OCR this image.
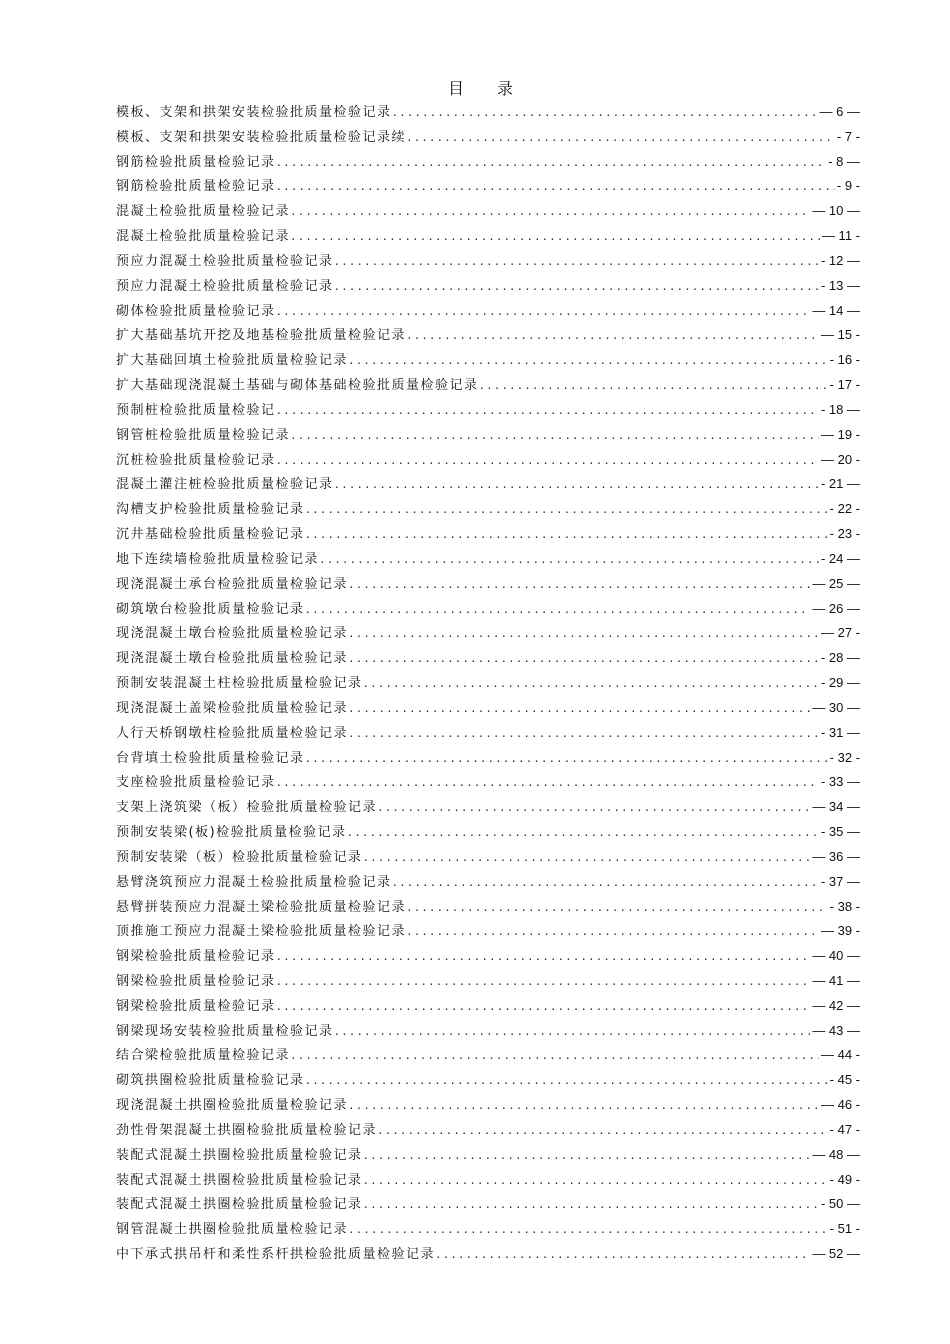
目 录
模板、支架和拱架安装检验批质量检验记录 .....	— 6 —
模板、支架和拱架安装检验批质量检验记录续 .....	- 7 -
钢筋检验批质量检验记录 .....	- 8 —
钢筋检验批质量检验记录 .....	- 9 -
混凝土检验批质量检验记录 .....	— 10 —
混凝土检验批质量检验记录 .....	— 11 -
预应力混凝土检验批质量检验记录 .....	- 12 —
预应力混凝土检验批质量检验记录 .....	- 13 —
砌体检验批质量检验记录 .....	— 14 —
扩大基础基坑开挖及地基检验批质量检验记录 .....	— 15 -
扩大基础回填土检验批质量检验记录 .....	- 16 -
扩大基础现浇混凝土基础与砌体基础检验批质量检验记录 .....	- 17 -
预制桩检验批质量检验记 .....	- 18 —
钢管桩检验批质量检验记录 .....	— 19 -
沉桩检验批质量检验记录 .....	— 20 -
混凝土灌注桩检验批质量检验记录 .....	- 21 —
沟槽支护检验批质量检验记录 .....	- 22 -
沉井基础检验批质量检验记录 .....	- 23 -
地下连续墙检验批质量检验记录 .....	- 24 —
现浇混凝土承台检验批质量检验记录 .....	— 25 —
砌筑墩台检验批质量检验记录 .....	— 26 —
现浇混凝土墩台检验批质量检验记录 .....	— 27 -
现浇混凝土墩台检验批质量检验记录 .....	- 28 —
预制安装混凝土柱检验批质量检验记录 .....	- 29 —
现浇混凝土盖梁检验批质量检验记录 .....	— 30 —
人行天桥钢墩柱检验批质量检验记录 .....	- 31 —
台背填土检验批质量检验记录 .....	- 32 -
支座检验批质量检验记录 .....	- 33 —
支架上浇筑梁（板）检验批质量检验记录 .....	— 34 —
预制安装梁(板)检验批质量检验记录 .....	- 35 —
预制安装梁（板）检验批质量检验记录 .....	— 36 —
悬臂浇筑预应力混凝土检验批质量检验记录 .....	- 37 —
悬臂拼装预应力混凝土梁检验批质量检验记录 .....	- 38 -
顶推施工预应力混凝土梁检验批质量检验记录 .....	— 39 -
钢梁检验批质量检验记录 .....	— 40 —
钢梁检验批质量检验记录 .....	— 41 —
钢梁检验批质量检验记录 .....	— 42 —
钢梁现场安装检验批质量检验记录 .....	— 43 —
结合梁检验批质量检验记录 .....	— 44 -
砌筑拱圈检验批质量检验记录 .....	- 45 -
现浇混凝土拱圈检验批质量检验记录 .....	— 46 -
劲性骨架混凝土拱圈检验批质量检验记录 .....	- 47 -
装配式混凝土拱圈检验批质量检验记录 .....	— 48 —
装配式混凝土拱圈检验批质量检验记录 .....	- 49 -
装配式混凝土拱圈检验批质量检验记录 .....	- 50 —
钢管混凝土拱圈检验批质量检验记录 .....	- 51 -
中下承式拱吊杆和柔性系杆拱检验批质量检验记录 .....	— 52 —
